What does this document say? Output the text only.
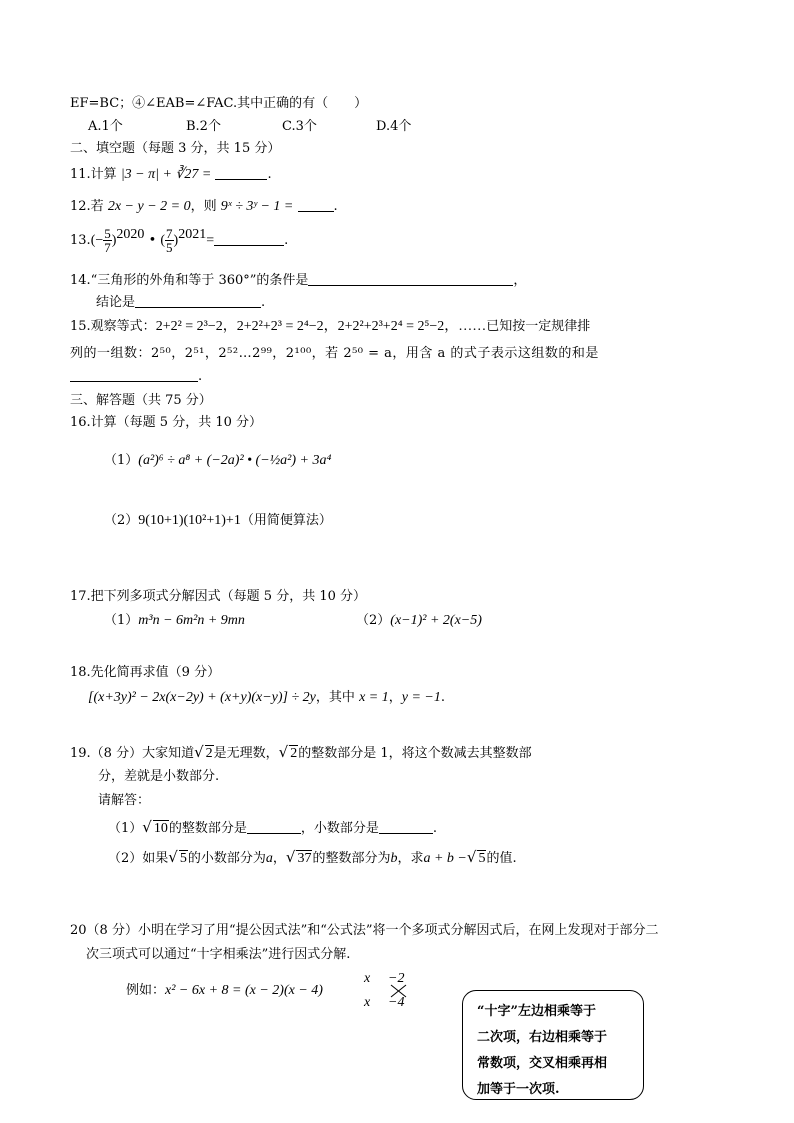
EF=BC；④∠EAB=∠FAC.其中正确的有（　　）
A.1个	B.2个	C.3个	D.4个
二、填空题（每题 3 分，共 15 分）
11.计算 |3 − π| + ∛27 =	.
12.若 2x − y − 2 = 0，则 9ˣ ÷ 3ʸ − 1 =	.
$13.(- \frac{5}{7} )^{2020}$ • ( $\frac{7}{5} )^{2021}=$	.
14.“三角形的外角和等于 360°”的条件是	，
结论是	.
15.观察等式：2+2² = 2³−2，2+2²+2³ = 2⁴−2，2+2²+2³+2⁴ = 2⁵−2，……已知按一定规律排
列的一组数：2⁵⁰，2⁵¹，2⁵²…2⁹⁹，2¹⁰⁰，若 2⁵⁰ = a，用含 a 的式子表示这组数的和是
.
三、解答题（共 75 分）
16.计算（每题 5 分，共 10 分）
（1）(a²)⁶ ÷ a⁸ + (−2a)² • (−½a²) + 3a⁴
（2）9(10+1)(10²+1)+1（用简便算法）
17.把下列多项式分解因式（每题 5 分，共 10 分）
（1）m³n − 6m²n + 9mn	（2）(x−1)² + 2(x−5)
18.先化简再求值（9 分）
[(x+3y)² − 2x(x−2y) + (x+y)(x−y)] ÷ 2y，其中 x = 1，y = −1.
19.（8 分）大家知道√ 2是无理数，√ 2的整数部分是 1，将这个数减去其整数部
分，差就是小数部分.
请解答：
（1）√ 10的整数部分是	，小数部分是	.
（2）如果√ 5的小数部分为a，√ 37的整数部分为b，求a + b −√ 5的值.
20（8 分）小明在学习了用“提公因式法”和“公式法”将一个多项式分解因式后，在网上发现对于部分二
次三项式可以通过“十字相乘法”进行因式分解.
例如：x² − 6x + 8 = (x − 2)(x − 4)
x −2
x −4
“十字”左边相乘等于
二次项，右边相乘等于
常数项，交叉相乘再相
加等于一次项.
